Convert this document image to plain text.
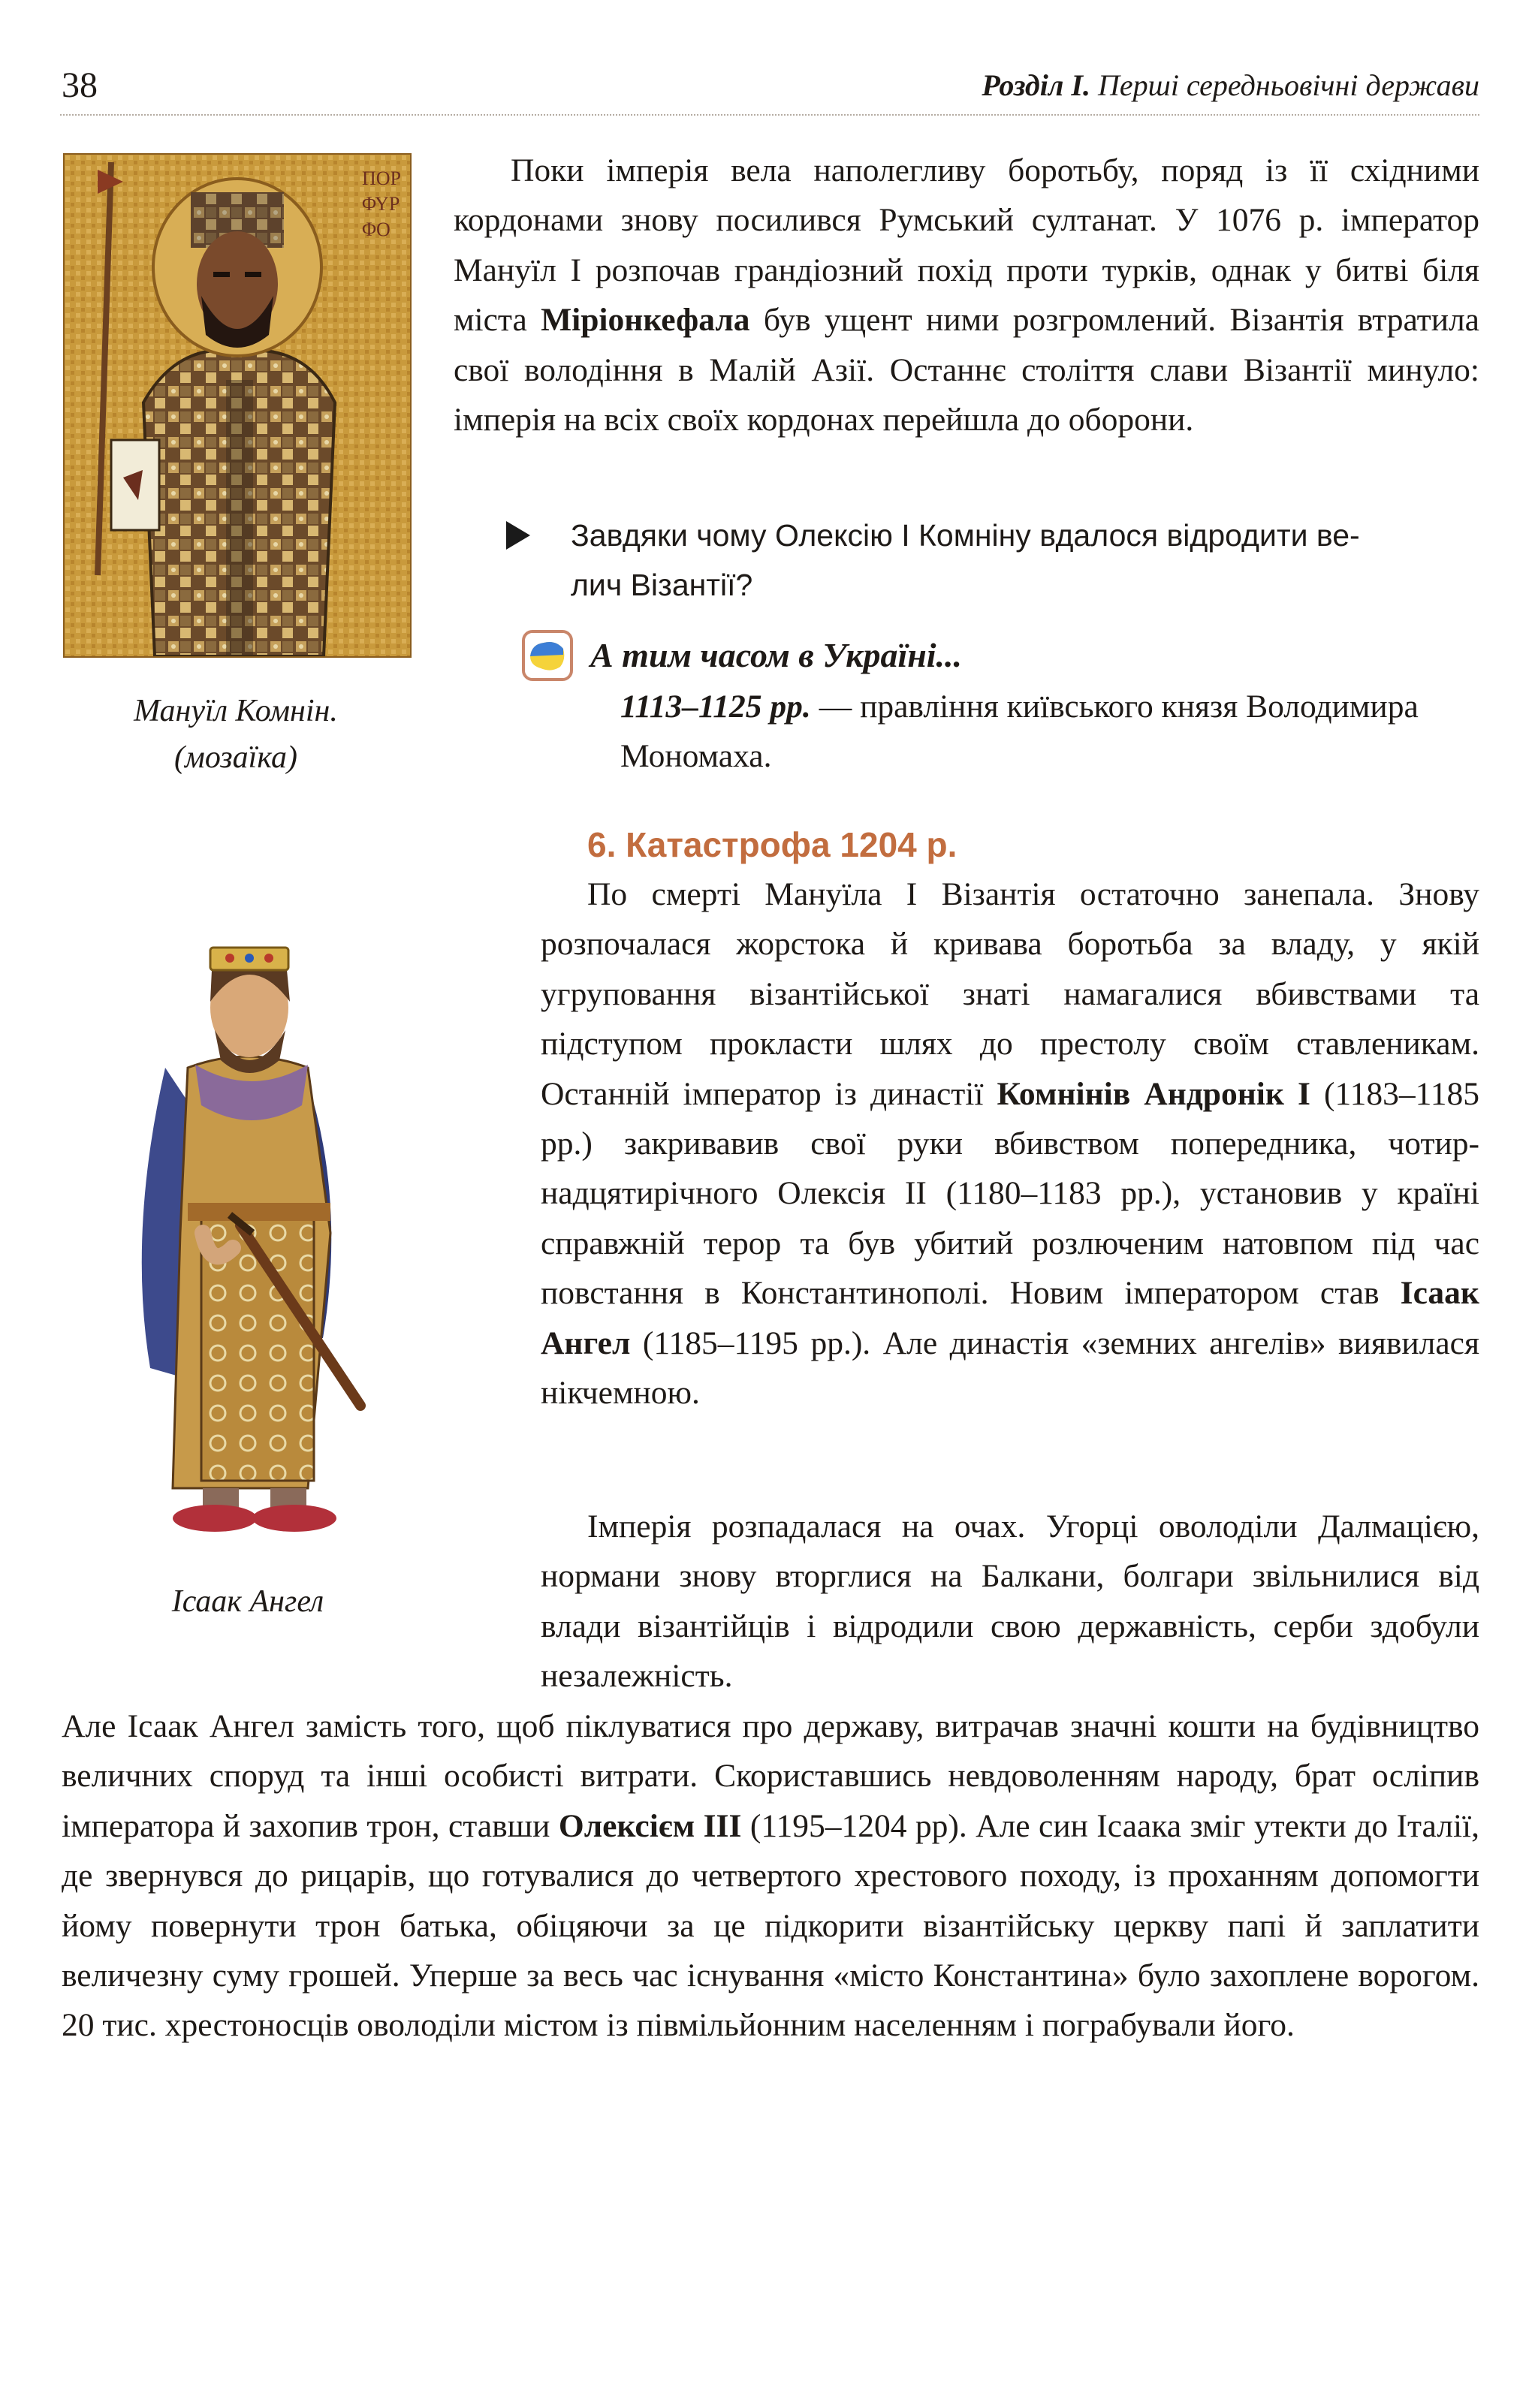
38	Розділ І. Перші середньовічні держави
ПОР
ΦΥΡ
ΦΟ
Мануїл Комнін.
(мозаїка)
Ісаак Ангел

Поки імперія вела наполегливу боротьбу, поряд із її східними кордонами знову посилився Румський султанат. У 1076 р. імператор Мануїл I розпочав грандіозний похід проти турків, однак у битві біля міста Міріонкефала був ущент ними розгромлений. Візантія втратила свої володіння в Малій Азії. Останнє століття слави Візантії минуло: імперія на всіх своїх кордонах перейшла до оборони.

Завдяки чому Олексію І Комніну вдалося відродити ве-
лич Візантії?

А тим часом в Україні...

1113–1125 рр. — правління київського князя Володимира Мономаха.

6. Катастрофа 1204 р.

По смерті Мануїла I Візантія остаточно занепала. Знову розпочалася жорстока й кривава боротьба за владу, у якій угруповання візантійської знаті намагалися вбивствами та підступом прокласти шлях до престолу своїм ставленикам. Останній імператор із династії Комнінів Андронік І (1183–1185 рр.) закривавив свої руки вбивством попередника, чотирнадцятирічного Олексія II (1180–1183 рр.), установив у країні справжній терор та був убитий розлюченим натовпом під час повстання в Константинополі. Новим імператором став Ісаак Ангел (1185–1195 рр.). Але династія «земних ангелів» виявилася нікчемною.

Імперія розпадалася на очах. Угорці оволоділи Далмацією, нормани знову вторглися на Балкани, болгари звільнилися від влади візантійців і відродили свою державність, серби здобули незалежність.

Але Ісаак Ангел замість того, щоб піклуватися про державу, витрачав значні кошти на будівництво величних споруд та інші особисті витрати. Скориставшись невдоволенням народу, брат осліпив імператора й захопив трон, ставши Олексієм III (1195–1204 рр). Але син Ісаака зміг утекти до Італії, де звернувся до рицарів, що готувалися до четвертого хрестового походу, із проханням допомогти йому повернути трон батька, обіцяючи за це підкорити візантійську церкву папі й заплатити величезну суму грошей. Уперше за весь час існування «місто Константина» було захоплене ворогом. 20 тис. хрестоносців оволоділи містом із півмільйонним населенням і пограбували його.
